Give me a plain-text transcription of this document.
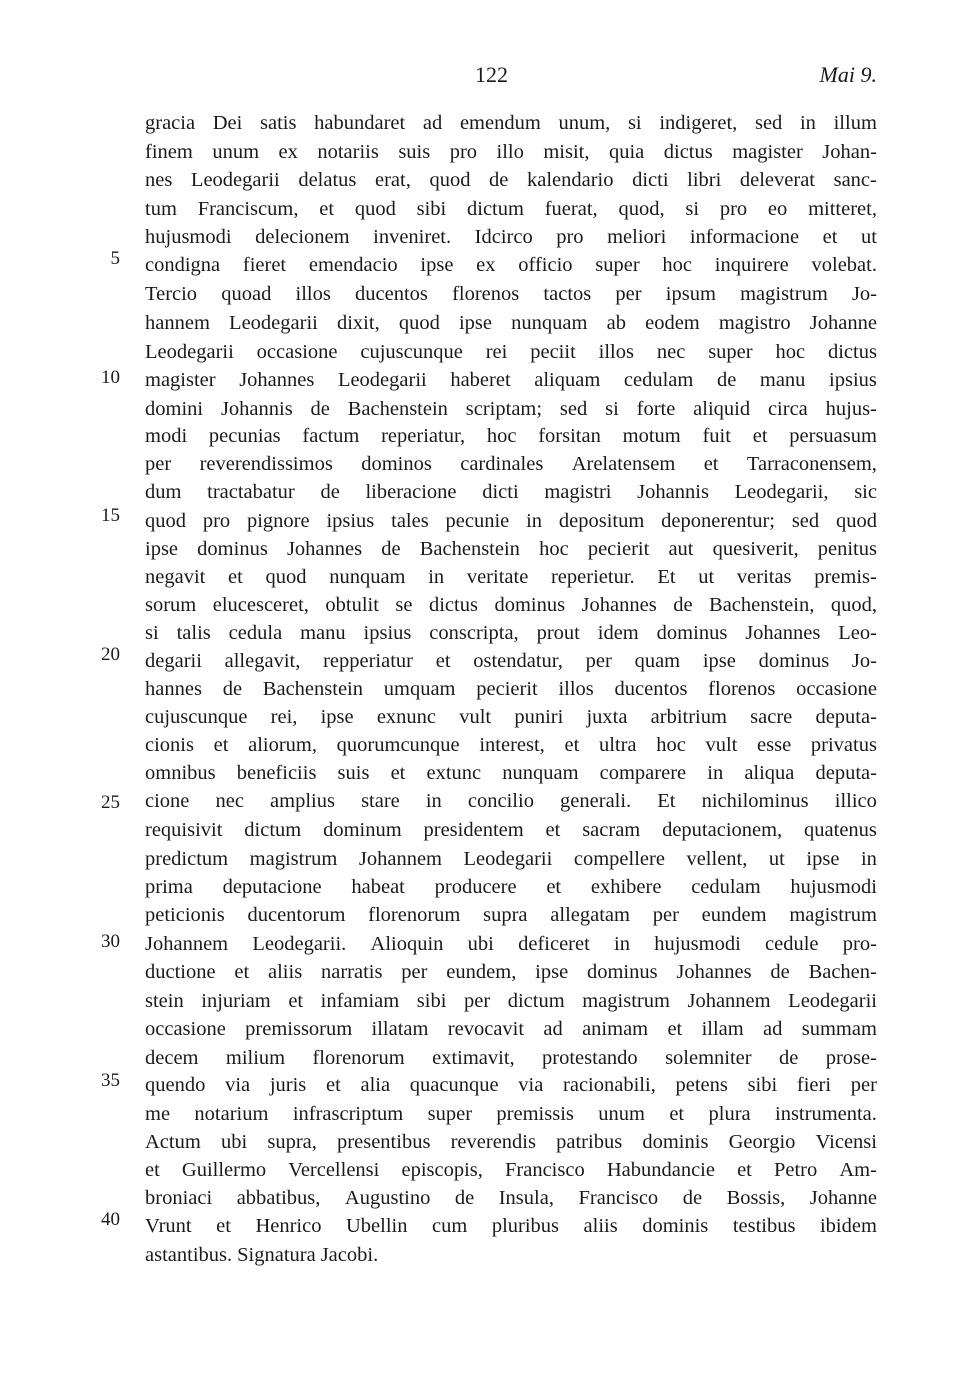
122	Mai 9.
5
10
15
20
25
30
35
40
gracia Dei satis habundaret ad emendum unum, si indigeret, sed in illum
finem unum ex notariis suis pro illo misit, quia dictus magister Johan-
nes Leodegarii delatus erat, quod de kalendario dicti libri deleverat sanc-
tum Franciscum, et quod sibi dictum fuerat, quod, si pro eo mitteret,
hujusmodi delecionem inveniret. Idcirco pro meliori informacione et ut
condigna fieret emendacio ipse ex officio super hoc inquirere volebat.
Tercio quoad illos ducentos florenos tactos per ipsum magistrum Jo-
hannem Leodegarii dixit, quod ipse nunquam ab eodem magistro Johanne
Leodegarii occasione cujuscunque rei peciit illos nec super hoc dictus
magister Johannes Leodegarii haberet aliquam cedulam de manu ipsius
domini Johannis de Bachenstein scriptam; sed si forte aliquid circa hujus-
modi pecunias factum reperiatur, hoc forsitan motum fuit et persuasum
per reverendissimos dominos cardinales Arelatensem et Tarraconensem,
dum tractabatur de liberacione dicti magistri Johannis Leodegarii, sic
quod pro pignore ipsius tales pecunie in depositum deponerentur; sed quod
ipse dominus Johannes de Bachenstein hoc pecierit aut quesiverit, penitus
negavit et quod nunquam in veritate reperietur. Et ut veritas premis-
sorum elucesceret, obtulit se dictus dominus Johannes de Bachenstein, quod,
si talis cedula manu ipsius conscripta, prout idem dominus Johannes Leo-
degarii allegavit, repperiatur et ostendatur, per quam ipse dominus Jo-
hannes de Bachenstein umquam pecierit illos ducentos florenos occasione
cujuscunque rei, ipse exnunc vult puniri juxta arbitrium sacre deputa-
cionis et aliorum, quorumcunque interest, et ultra hoc vult esse privatus
omnibus beneficiis suis et extunc nunquam comparere in aliqua deputa-
cione nec amplius stare in concilio generali. Et nichilominus illico
requisivit dictum dominum presidentem et sacram deputacionem, quatenus
predictum magistrum Johannem Leodegarii compellere vellent, ut ipse in
prima deputacione habeat producere et exhibere cedulam hujusmodi
peticionis ducentorum florenorum supra allegatam per eundem magistrum
Johannem Leodegarii. Alioquin ubi deficeret in hujusmodi cedule pro-
ductione et aliis narratis per eundem, ipse dominus Johannes de Bachen-
stein injuriam et infamiam sibi per dictum magistrum Johannem Leodegarii
occasione premissorum illatam revocavit ad animam et illam ad summam
decem milium florenorum extimavit, protestando solemniter de prose-
quendo via juris et alia quacunque via racionabili, petens sibi fieri per
me notarium infrascriptum super premissis unum et plura instrumenta.
Actum ubi supra, presentibus reverendis patribus dominis Georgio Vicensi
et Guillermo Vercellensi episcopis, Francisco Habundancie et Petro Am-
broniaci abbatibus, Augustino de Insula, Francisco de Bossis, Johanne
Vrunt et Henrico Ubellin cum pluribus aliis dominis testibus ibidem
astantibus. Signatura Jacobi.
